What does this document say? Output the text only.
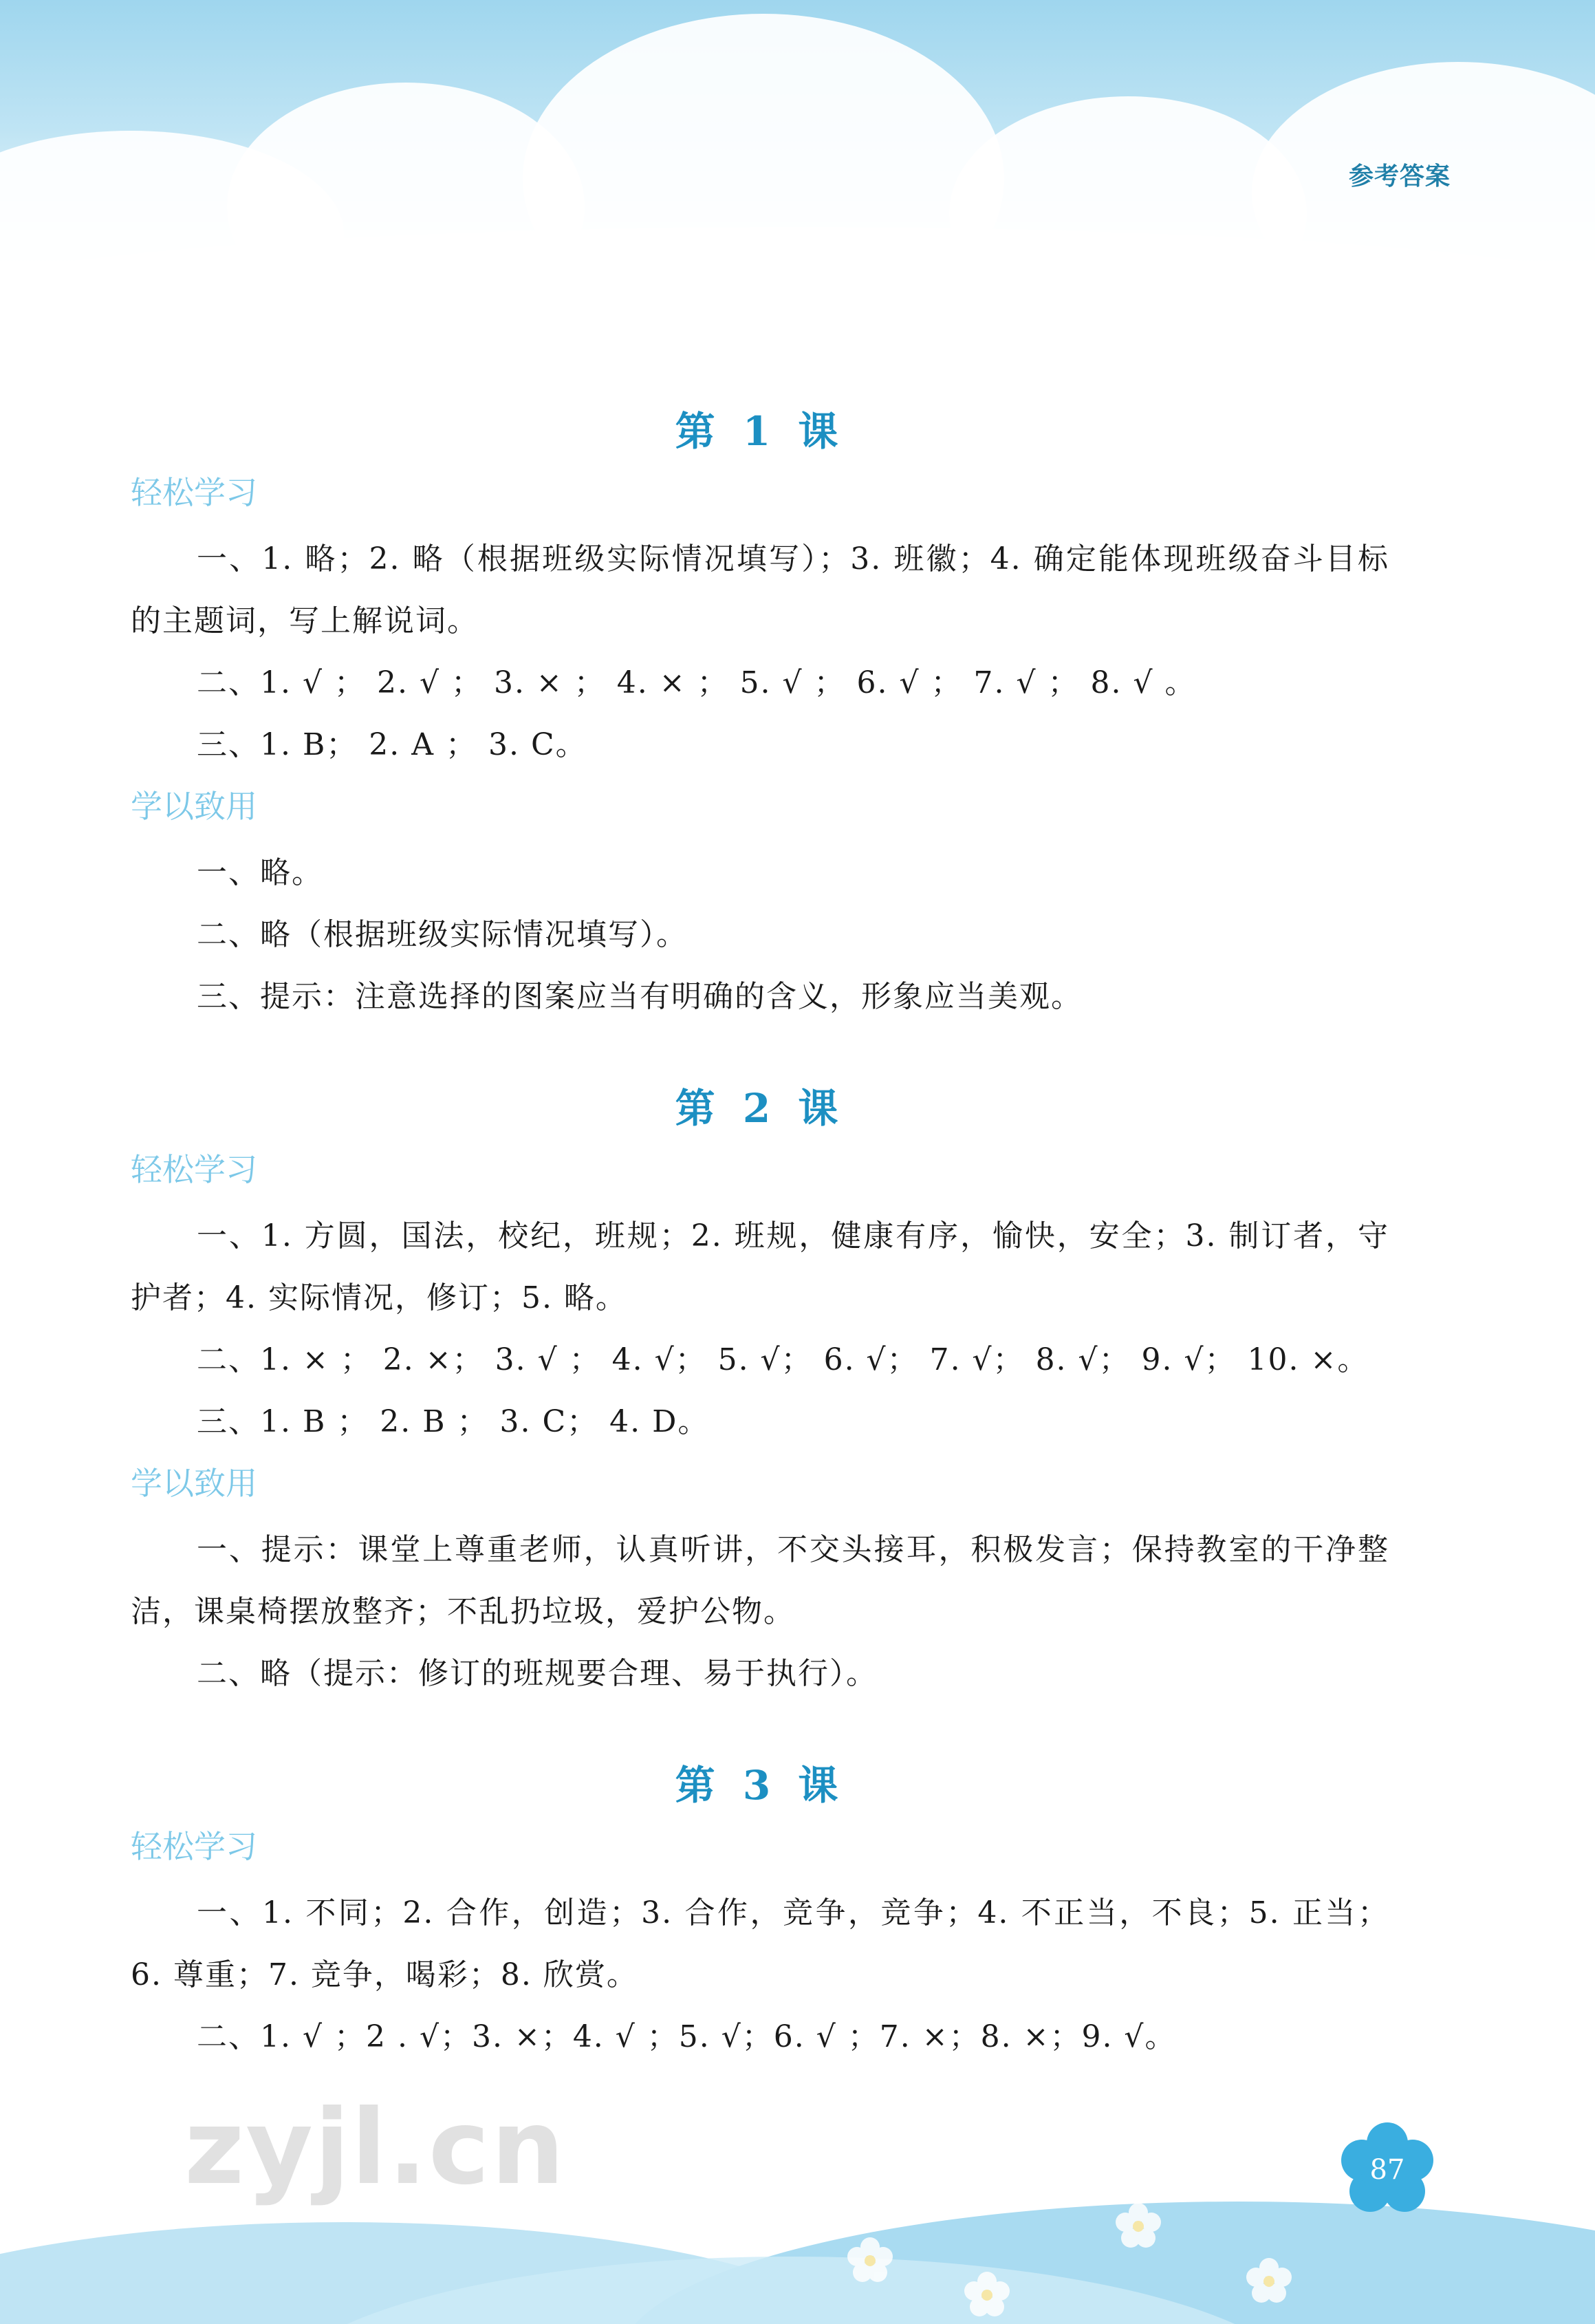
参考答案
第 1 课
轻松学习

一、1. 略；2. 略（根据班级实际情况填写）；3. 班徽；4. 确定能体现班级奋斗目标的主题词，写上解说词。

二、1. √ ； 2. √ ； 3. × ； 4. × ； 5. √ ； 6. √ ； 7. √ ； 8. √ 。

三、1. B； 2. A ； 3. C。

学以致用

一、略。

二、略（根据班级实际情况填写）。

三、提示：注意选择的图案应当有明确的含义，形象应当美观。

第 2 课
轻松学习

一、1. 方圆，国法，校纪，班规；2. 班规，健康有序，愉快，安全；3. 制订者，守护者；4. 实际情况，修订；5. 略。

二、1. × ； 2. ×； 3. √ ； 4. √； 5. √； 6. √； 7. √； 8. √； 9. √； 10. ×。

三、1. B ； 2. B ； 3. C； 4. D。

学以致用

一、提示：课堂上尊重老师，认真听讲，不交头接耳，积极发言；保持教室的干净整洁，课桌椅摆放整齐；不乱扔垃圾，爱护公物。

二、略（提示：修订的班规要合理、易于执行）。

第 3 课
轻松学习

一、1. 不同；2. 合作，创造；3. 合作，竞争，竞争；4. 不正当，不良；5. 正当；6. 尊重；7. 竞争，喝彩；8. 欣赏。

二、1. √ ；2 . √；3. ×；4. √ ；5. √；6. √ ；7. ×；8. ×；9. √。

87
zyjl.cn
